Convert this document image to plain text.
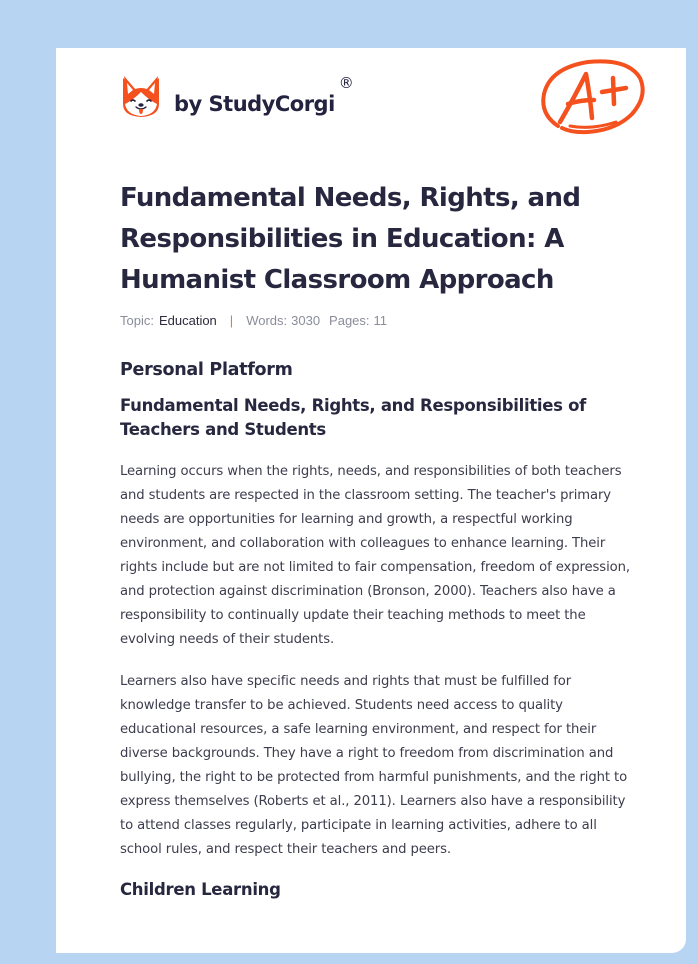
by StudyCorgi
®
Fundamental Needs, Rights, and Responsibilities in Education: A Humanist Classroom Approach
Topic: Education | Words: 3030 Pages: 11
Personal Platform
Fundamental Needs, Rights, and Responsibilities of Teachers and Students

Learning occurs when the rights, needs, and responsibilities of both teachers and students are respected in the classroom setting. The teacher's primary needs are opportunities for learning and growth, a respectful working environment, and collaboration with colleagues to enhance learning. Their rights include but are not limited to fair compensation, freedom of expression, and protection against discrimination (Bronson, 2000). Teachers also have a responsibility to continually update their teaching methods to meet the evolving needs of their students.

Learners also have specific needs and rights that must be fulfilled for knowledge transfer to be achieved. Students need access to quality educational resources, a safe learning environment, and respect for their diverse backgrounds. They have a right to freedom from discrimination and bullying, the right to be protected from harmful punishments, and the right to express themselves (Roberts et al., 2011). Learners also have a responsibility to attend classes regularly, participate in learning activities, adhere to all school rules, and respect their teachers and peers.

Children Learning
